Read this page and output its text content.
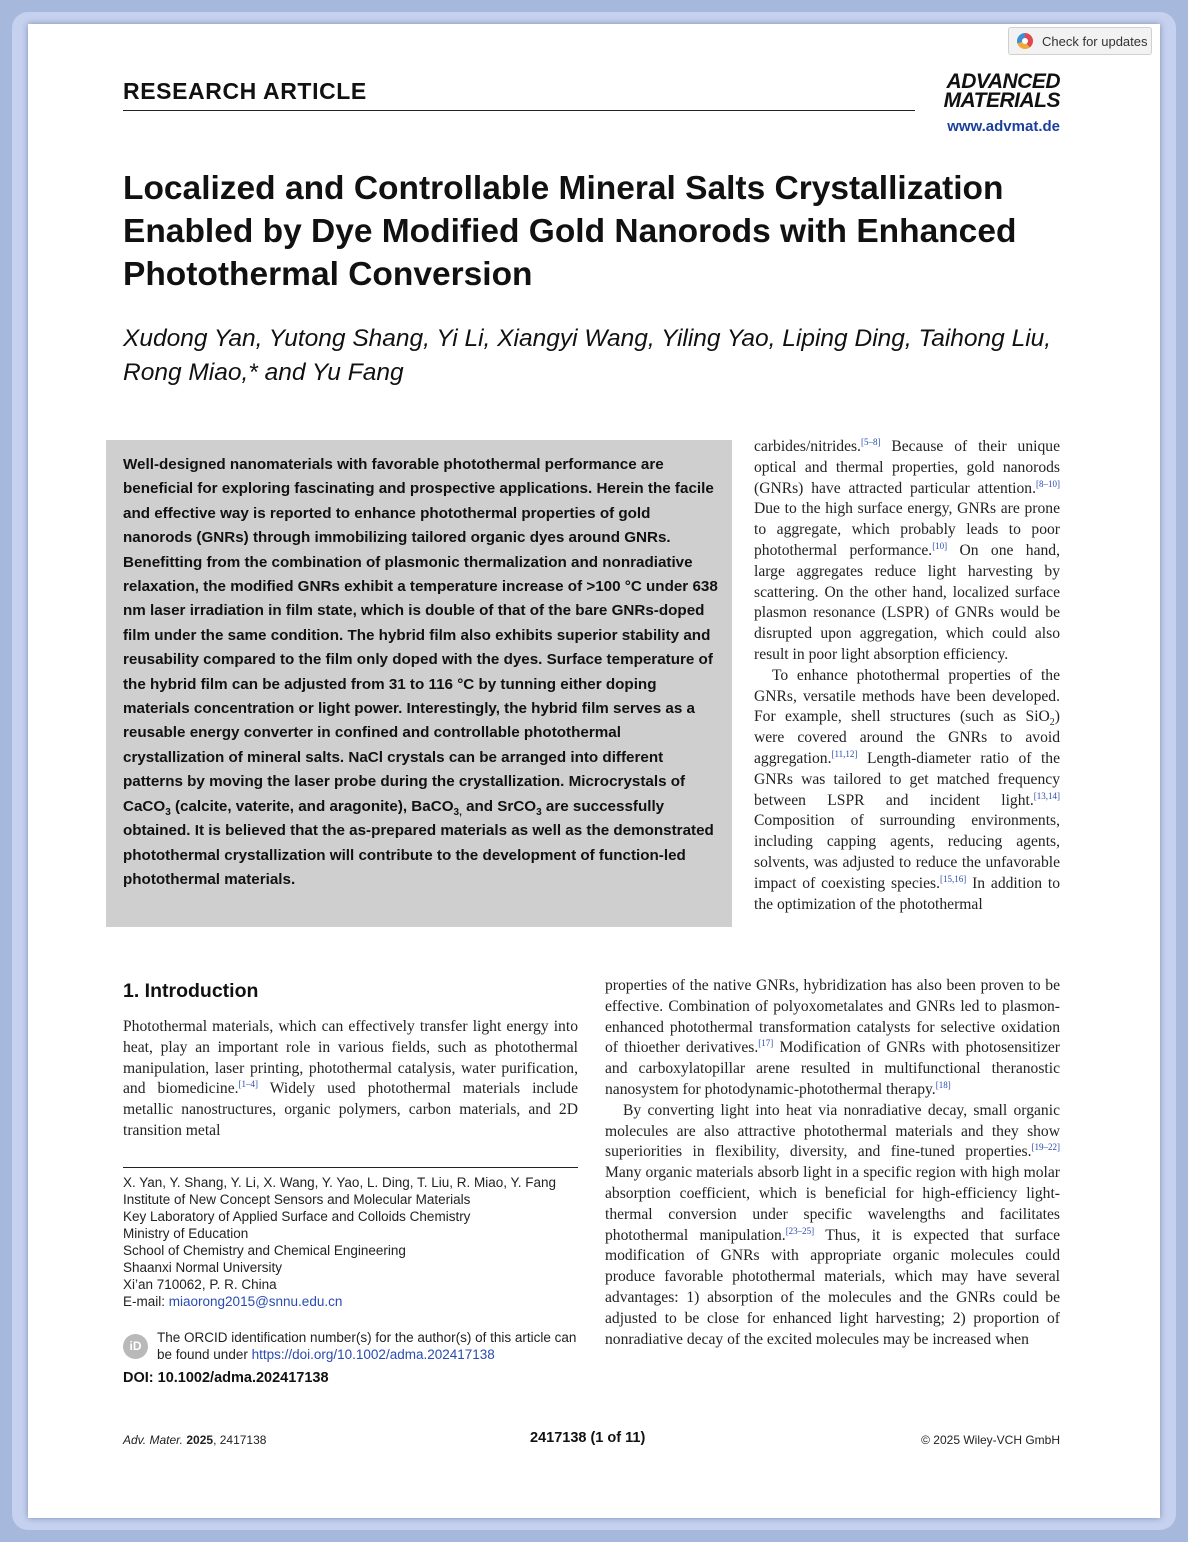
Check for updates
RESEARCH ARTICLE	ADVANCED
MATERIALS
www.advmat.de
Localized and Controllable Mineral Salts Crystallization Enabled by Dye Modified Gold Nanorods with Enhanced Photothermal Conversion
Xudong Yan, Yutong Shang, Yi Li, Xiangyi Wang, Yiling Yao, Liping Ding, Taihong Liu,
Rong Miao,* and Yu Fang
Well-designed nanomaterials with favorable photothermal performance are beneficial for exploring fascinating and prospective applications. Herein the facile and effective way is reported to enhance photothermal properties of gold nanorods (GNRs) through immobilizing tailored organic dyes around GNRs. Benefitting from the combination of plasmonic thermalization and nonradiative relaxation, the modified GNRs exhibit a temperature increase of >100 °C under 638 nm laser irradiation in film state, which is double of that of the bare GNRs-doped film under the same condition. The hybrid film also exhibits superior stability and reusability compared to the film only doped with the dyes. Surface temperature of the hybrid film can be adjusted from 31 to 116 °C by tunning either doping materials concentration or light power. Interestingly, the hybrid film serves as a reusable energy converter in confined and controllable photothermal crystallization of mineral salts. NaCl crystals can be arranged into different patterns by moving the laser probe during the crystallization. Microcrystals of CaCO$_3$ (calcite, vaterite, and aragonite), BaCO$_{3,}$ and SrCO$_3$ are successfully obtained. It is believed that the as-prepared materials as well as the demonstrated photothermal crystallization will contribute to the development of function-led photothermal materials.

carbides/nitrides.[5–8] Because of their unique optical and thermal properties, gold nanorods (GNRs) have attracted particular attention.[8–10] Due to the high surface energy, GNRs are prone to aggregate, which probably leads to poor photothermal performance.[10] On one hand, large aggregates reduce light harvesting by scattering. On the other hand, localized surface plasmon resonance (LSPR) of GNRs would be disrupted upon aggregation, which could also result in poor light absorption efficiency.

To enhance photothermal properties of the GNRs, versatile methods have been developed. For example, shell structures (such as SiO$_2$) were covered around the GNRs to avoid aggregation.[11,12] Length-diameter ratio of the GNRs was tailored to get matched frequency between LSPR and incident light.[13,14] Composition of surrounding environments, including capping agents, reducing agents, solvents, was adjusted to reduce the unfavorable impact of coexisting species.[15,16] In addition to the optimization of the photothermal

properties of the native GNRs, hybridization has also been proven to be effective. Combination of polyoxometalates and GNRs led to plasmon-enhanced photothermal transformation catalysts for selective oxidation of thioether derivatives.[17] Modification of GNRs with photosensitizer and carboxylatopillar arene resulted in multifunctional theranostic nanosystem for photodynamic-photothermal therapy.[18]

By converting light into heat via nonradiative decay, small organic molecules are also attractive photothermal materials and they show superiorities in flexibility, diversity, and fine-tuned properties.[19–22] Many organic materials absorb light in a specific region with high molar absorption coefficient, which is beneficial for high-efficiency light-thermal conversion under specific wavelengths and facilitates photothermal manipulation.[23–25] Thus, it is expected that surface modification of GNRs with appropriate organic molecules could produce favorable photothermal materials, which may have several advantages: 1) absorption of the molecules and the GNRs could be adjusted to be close for enhanced light harvesting; 2) proportion of nonradiative decay of the excited molecules may be increased when

1. Introduction

Photothermal materials, which can effectively transfer light energy into heat, play an important role in various fields, such as photothermal manipulation, laser printing, photothermal catalysis, water purification, and biomedicine.[1–4] Widely used photothermal materials include metallic nanostructures, organic polymers, carbon materials, and 2D transition metal

X. Yan, Y. Shang, Y. Li, X. Wang, Y. Yao, L. Ding, T. Liu, R. Miao, Y. Fang
Institute of New Concept Sensors and Molecular Materials
Key Laboratory of Applied Surface and Colloids Chemistry
Ministry of Education
School of Chemistry and Chemical Engineering
Shaanxi Normal University
Xi’an 710062, P. R. China
E-mail: miaorong2015@snnu.edu.cn
iD
The ORCID identification number(s) for the author(s) of this article can be found under https://doi.org/10.1002/adma.202417138
DOI: 10.1002/adma.202417138
Adv. Mater. 2025, 2417138	2417138 (1 of 11)	© 2025 Wiley-VCH GmbH
